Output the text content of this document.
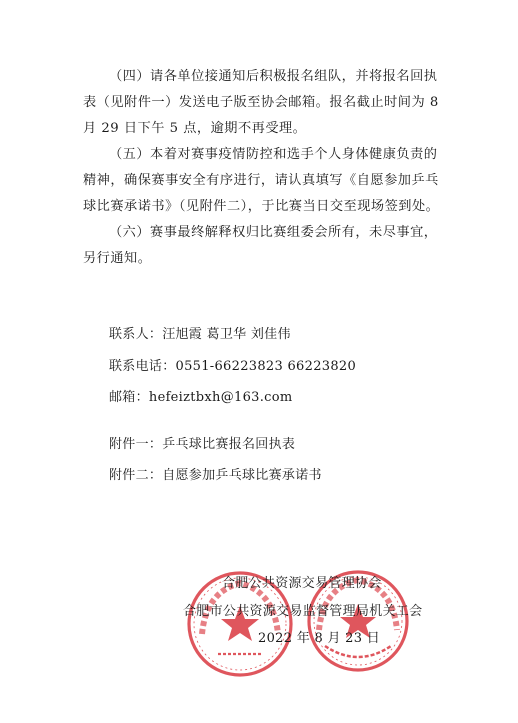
（四）请各单位接通知后积极报名组队，并将报名回执
表（见附件一）发送电子版至协会邮箱。报名截止时间为 8
月 29 日下午 5 点，逾期不再受理。

（五）本着对赛事疫情防控和选手个人身体健康负责的
精神，确保赛事安全有序进行，请认真填写《自愿参加乒乓
球比赛承诺书》（见附件二），于比赛当日交至现场签到处。

（六）赛事最终解释权归比赛组委会所有，未尽事宜，
另行通知。

联系人：汪旭霞 葛卫华 刘佳伟
联系电话：0551-66223823 66223820
邮箱：hefeiztbxh@163.com
附件一：乒乓球比赛报名回执表
附件二：自愿参加乒乓球比赛承诺书
合肥公共资源交易管理协会
合肥市公共资源交易监督管理局机关工会
2022 年 8 月 23 日
